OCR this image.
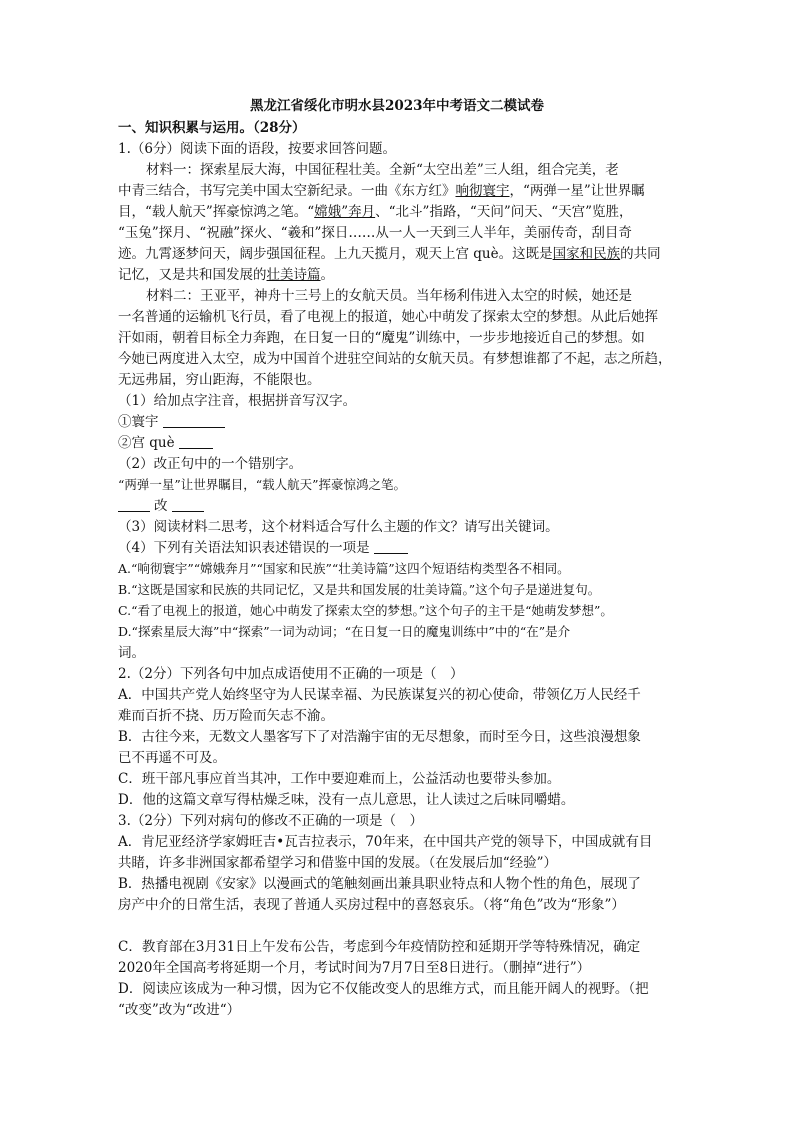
黑龙江省绥化市明水县2023年中考语文二模试卷
一、知识积累与运用。（28分）
1.（6分）阅读下面的语段，按要求回答问题。
材料一：探索星辰大海，中国征程壮美。全新“太空出差”三人组，组合完美，老
中青三结合，书写完美中国太空新纪录。一曲《东方红》响彻寰宇，“两弹一星”让世界瞩
目，“载人航天”挥豪惊鸿之笔。“嫦娥”奔月、“北斗”指路，“天问”问天、“天宫”览胜，
“玉兔”探月、“祝融”探火、“羲和”探日……从一人一天到三人半年，美丽传奇，刮目奇
迹。九霄逐梦问天，阔步强国征程。上九天揽月，观天上宫 què。这既是国家和民族的共同
记忆，又是共和国发展的壮美诗篇。
材料二：王亚平，神舟十三号上的女航天员。当年杨利伟进入太空的时候，她还是
一名普通的运输机飞行员，看了电视上的报道，她心中萌发了探索太空的梦想。从此后她挥
汗如雨，朝着目标全力奔跑，在日复一日的“魔鬼”训练中，一步步地接近自己的梦想。如
今她已两度进入太空，成为中国首个进驻空间站的女航天员。有梦想谁都了不起，志之所趋，
无远弗届，穷山距海，不能限也。
（1）给加点字注音，根据拼音写汉字。
①寰宇
②宫 què
（2）改正句中的一个错别字。
“两弹一星”让世界瞩目，“载人航天”挥豪惊鸿之笔。
改
（3）阅读材料二思考，这个材料适合写什么主题的作文？请写出关键词。
（4）下列有关语法知识表述错误的一项是
A.“响彻寰宇”“嫦娥奔月”“国家和民族”“壮美诗篇”这四个短语结构类型各不相同。
B.“这既是国家和民族的共同记忆，又是共和国发展的壮美诗篇。”这个句子是递进复句。
C.“看了电视上的报道，她心中萌发了探索太空的梦想。”这个句子的主干是“她萌发梦想”。
D.“探索星辰大海”中“探索”一词为动词；“在日复一日的魔鬼训练中”中的“在”是介
词。
2.（2分）下列各句中加点成语使用不正确的一项是（　）
A．中国共产党人始终坚守为人民谋幸福、为民族谋复兴的初心使命，带领亿万人民经千
难而百折不挠、历万险而矢志不渝。
B．古往今来，无数文人墨客写下了对浩瀚宇宙的无尽想象，而时至今日，这些浪漫想象
已不再遥不可及。
C．班干部凡事应首当其冲，工作中要迎难而上，公益活动也要带头参加。
D．他的这篇文章写得枯燥乏味，没有一点儿意思，让人读过之后味同嚼蜡。
3.（2分）下列对病句的修改不正确的一项是（　）
A．肯尼亚经济学家姆旺吉•瓦吉拉表示，70年来，在中国共产党的领导下，中国成就有目
共睹，许多非洲国家都希望学习和借鉴中国的发展。（在发展后加“经验”）
B．热播电视剧《安家》以漫画式的笔触刻画出兼具职业特点和人物个性的角色，展现了
房产中介的日常生活，表现了普通人买房过程中的喜怒哀乐。（将“角色”改为“形象”）
C．教育部在3月31日上午发布公告，考虑到今年疫情防控和延期开学等特殊情况，确定
2020年全国高考将延期一个月，考试时间为7月7日至8日进行。（删掉“进行”）
D．阅读应该成为一种习惯，因为它不仅能改变人的思维方式，而且能开阔人的视野。（把
“改变”改为“改进“）
